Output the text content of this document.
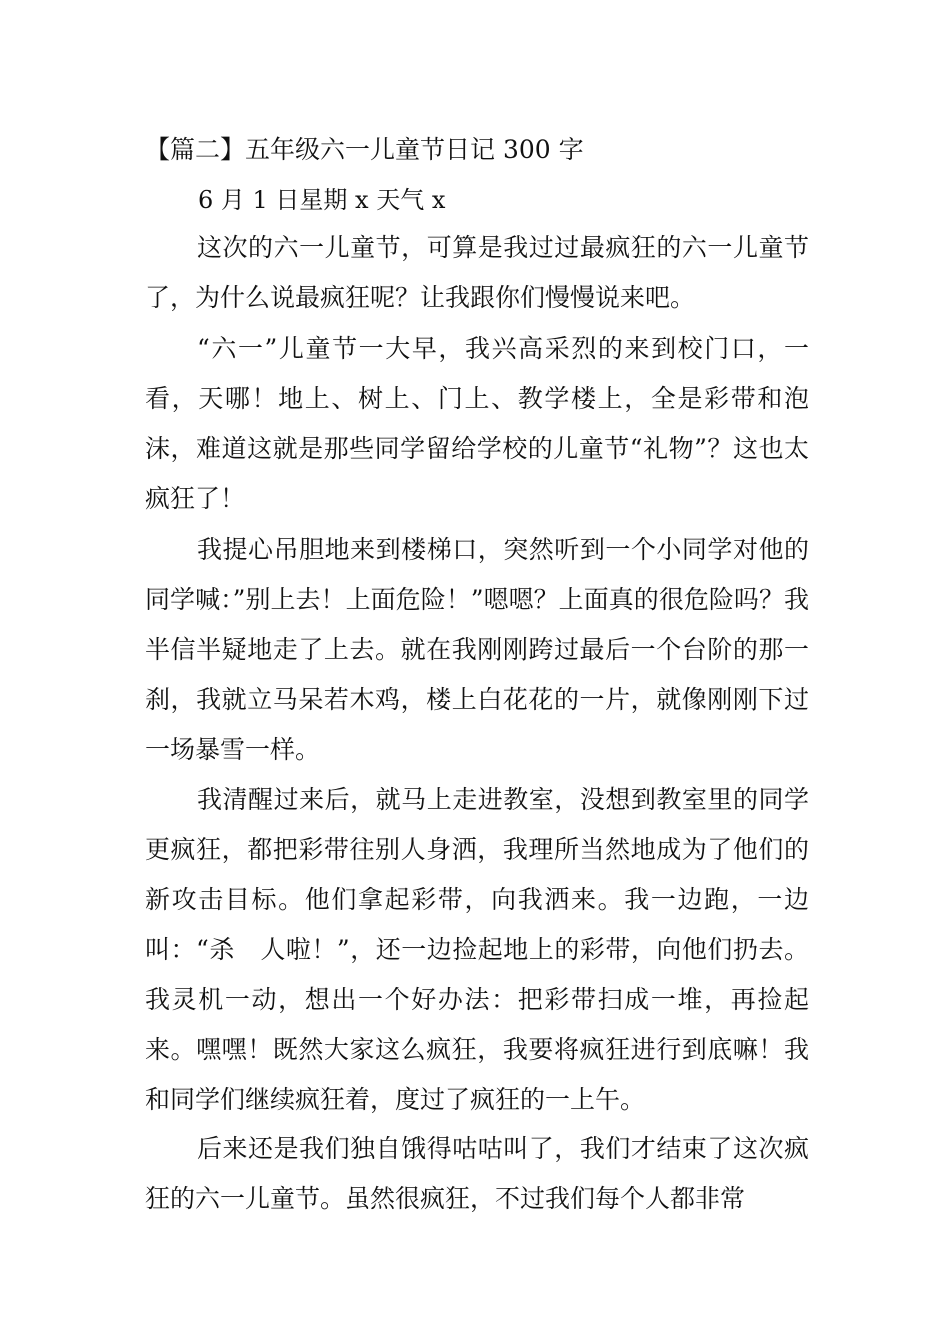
【篇二】五年级六一儿童节日记 300 字
6 月 1 日星期 x 天气 x

这次的六一儿童节，可算是我过过最疯狂的六一儿童节了，为什么说最疯狂呢？让我跟你们慢慢说来吧。

“六一”儿童节一大早，我兴高采烈的来到校门口，一看，天哪！地上、树上、门上、教学楼上，全是彩带和泡沫，难道这就是那些同学留给学校的儿童节“礼物”？这也太疯狂了！

我提心吊胆地来到楼梯口，突然听到一个小同学对他的同学喊：”别上去！上面危险！”嗯嗯？上面真的很危险吗？我半信半疑地走了上去。就在我刚刚跨过最后一个台阶的那一刹，我就立马呆若木鸡，楼上白花花的一片，就像刚刚下过一场暴雪一样。

我清醒过来后，就马上走进教室，没想到教室里的同学更疯狂，都把彩带往别人身洒，我理所当然地成为了他们的新攻击目标。他们拿起彩带，向我洒来。我一边跑，一边叫：“杀　人啦！”，还一边捡起地上的彩带，向他们扔去。我灵机一动，想出一个好办法：把彩带扫成一堆，再捡起来。嘿嘿！既然大家这么疯狂，我要将疯狂进行到底嘛！我和同学们继续疯狂着，度过了疯狂的一上午。

后来还是我们独自饿得咕咕叫了，我们才结束了这次疯狂的六一儿童节。虽然很疯狂，不过我们每个人都非常
